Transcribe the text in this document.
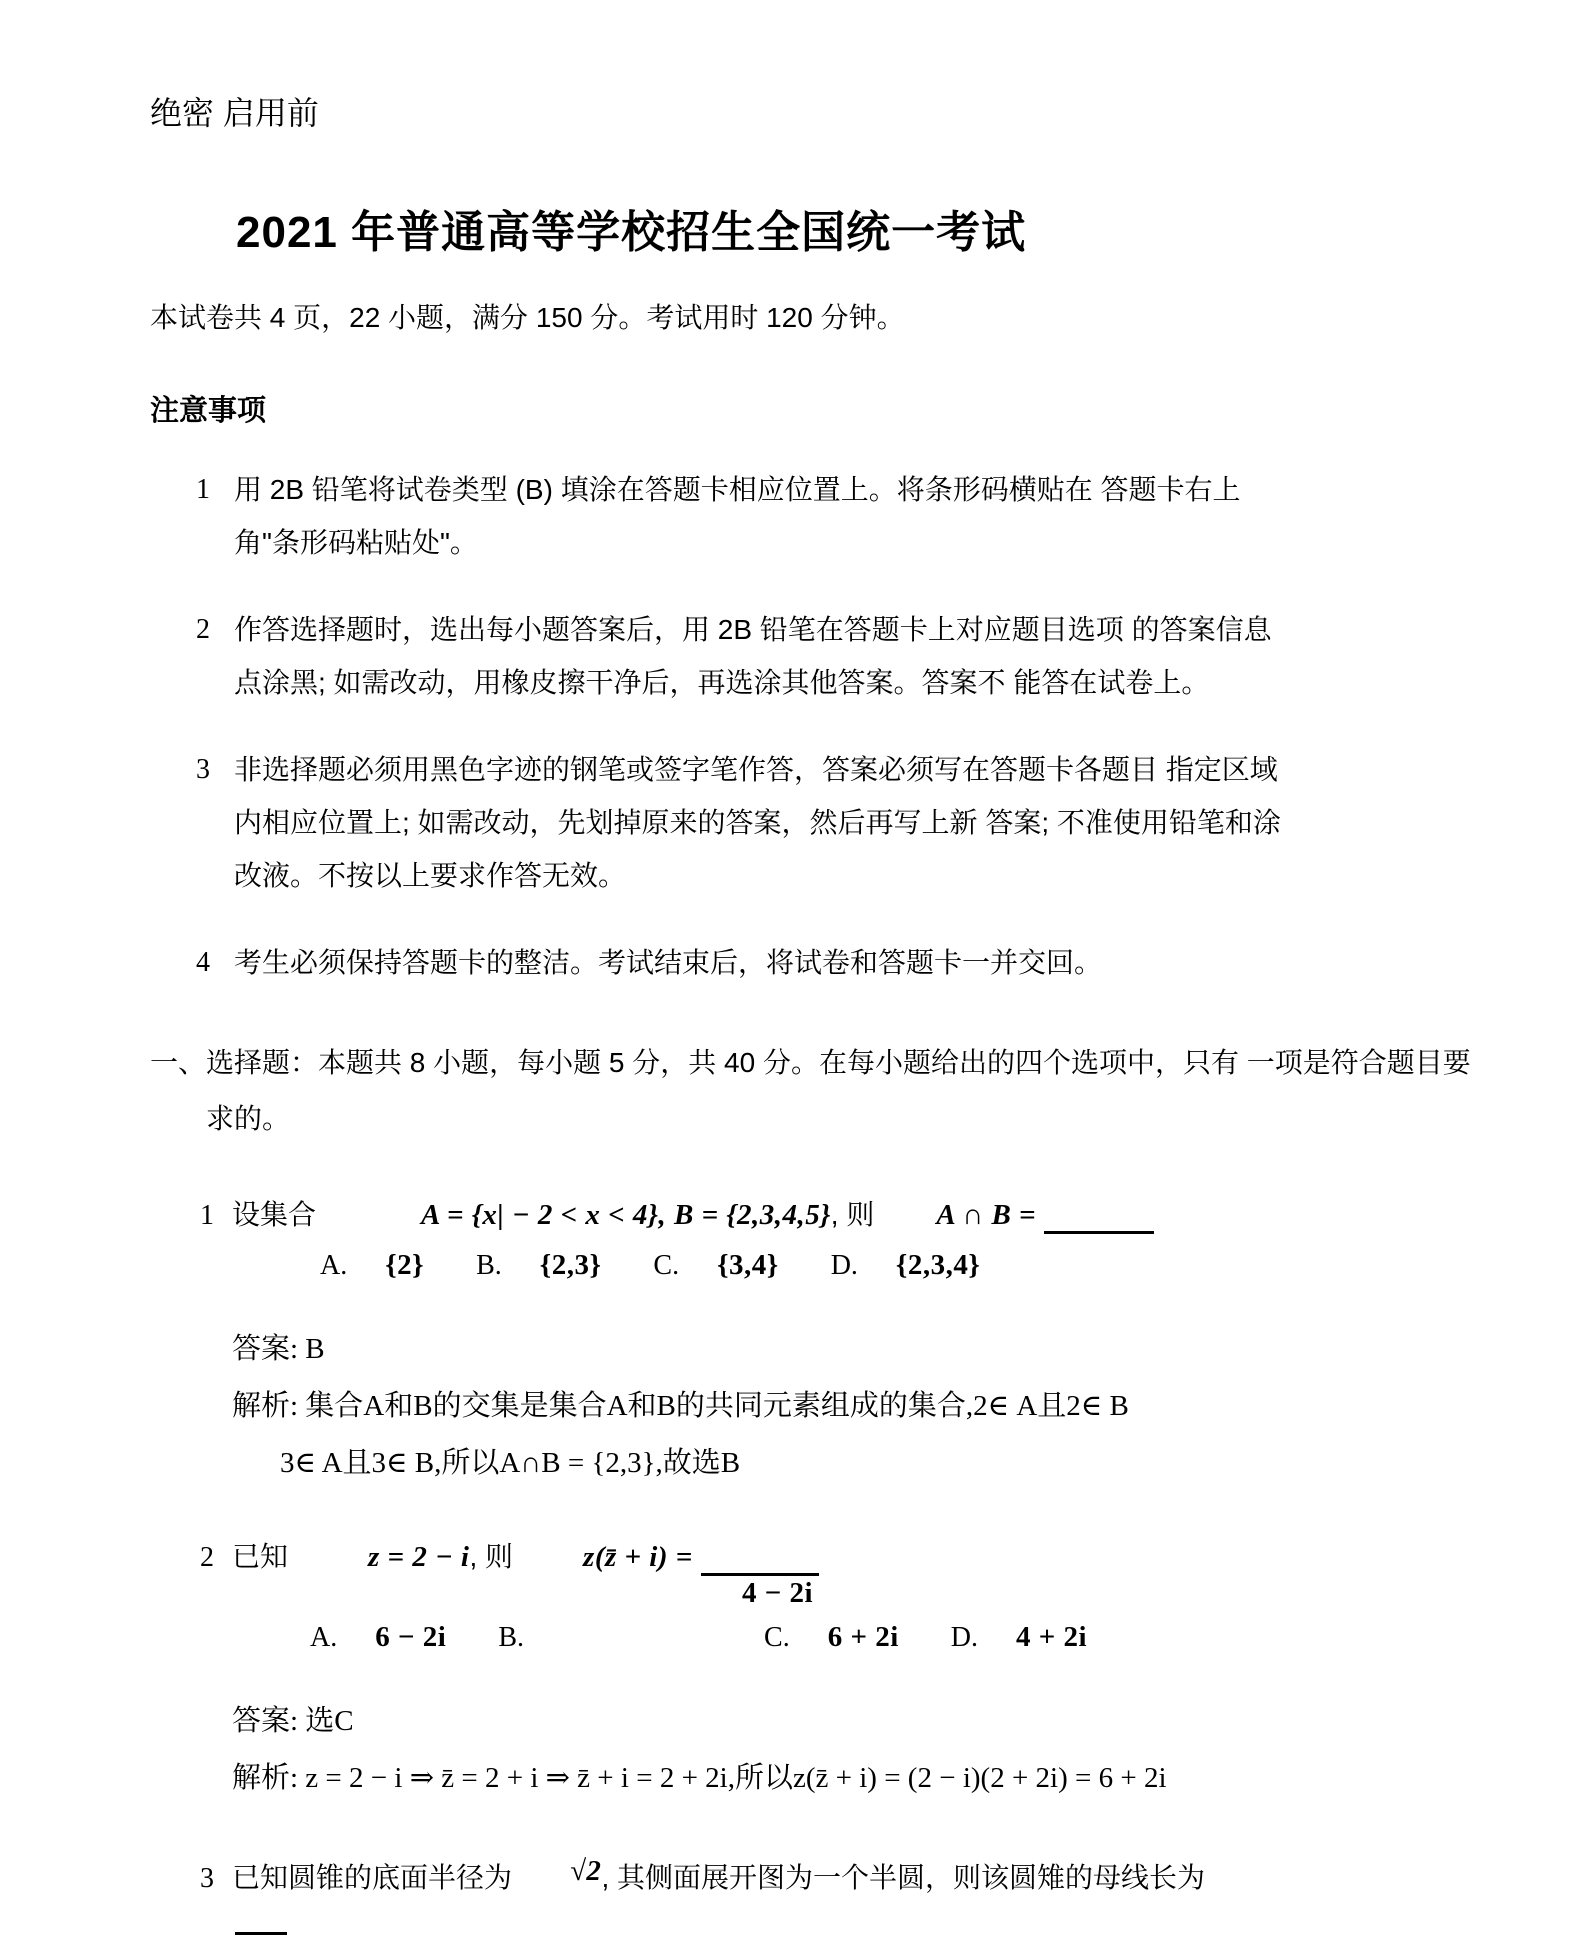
绝密 启用前
2021 年普通高等学校招生全国统一考试
本试卷共 4 页，22 小题，满分 150 分。考试用时 120 分钟。
注意事项
1 用 2B 铅笔将试卷类型 (B) 填涂在答题卡相应位置上。将条形码横贴在 答题卡右上角"条形码粘贴处"。
2 作答选择题时，选出每小题答案后，用 2B 铅笔在答题卡上对应题目选项 的答案信息点涂黑; 如需改动，用橡皮擦干净后，再选涂其他答案。答案不 能答在试卷上。
3 非选择题必须用黑色字迹的钢笔或签字笔作答，答案必须写在答题卡各题目 指定区域内相应位置上; 如需改动，先划掉原来的答案，然后再写上新 答案; 不准使用铅笔和涂改液。不按以上要求作答无效。
4 考生必须保持答题卡的整洁。考试结束后，将试卷和答题卡一并交回。
一、选择题：本题共 8 小题，每小题 5 分，共 40 分。在每小题给出的四个选项中，只有 一项是符合题目要求的。
1 设集合	A = {x| − 2 < x < 4}, B = {2,3,4,5} , 则 A ∩ B =
A. {2} B. {2,3} C. {3,4} D. {2,3,4}
答案: B
解析: 集合A和B的交集是集合A和B的共同元素组成的集合,2∈ A且2∈ B
3∈ A且3∈ B,所以A∩B = {2,3},故选B
2 已知	z = 2 − i , 则 z(z̄ + i) =
4 − 2i
A. 6 − 2i B.	C. 6 + 2i D. 4 + 2i
答案: 选C
解析: z = 2 − i ⇒ z̄ = 2 + i ⇒ z̄ + i = 2 + 2i,所以z(z̄ + i) = (2 − i)(2 + 2i) = 6 + 2i
3 已知圆锥的底面半径为 √2 , 其侧面展开图为一个半圆，则该圆雉的母线长为
